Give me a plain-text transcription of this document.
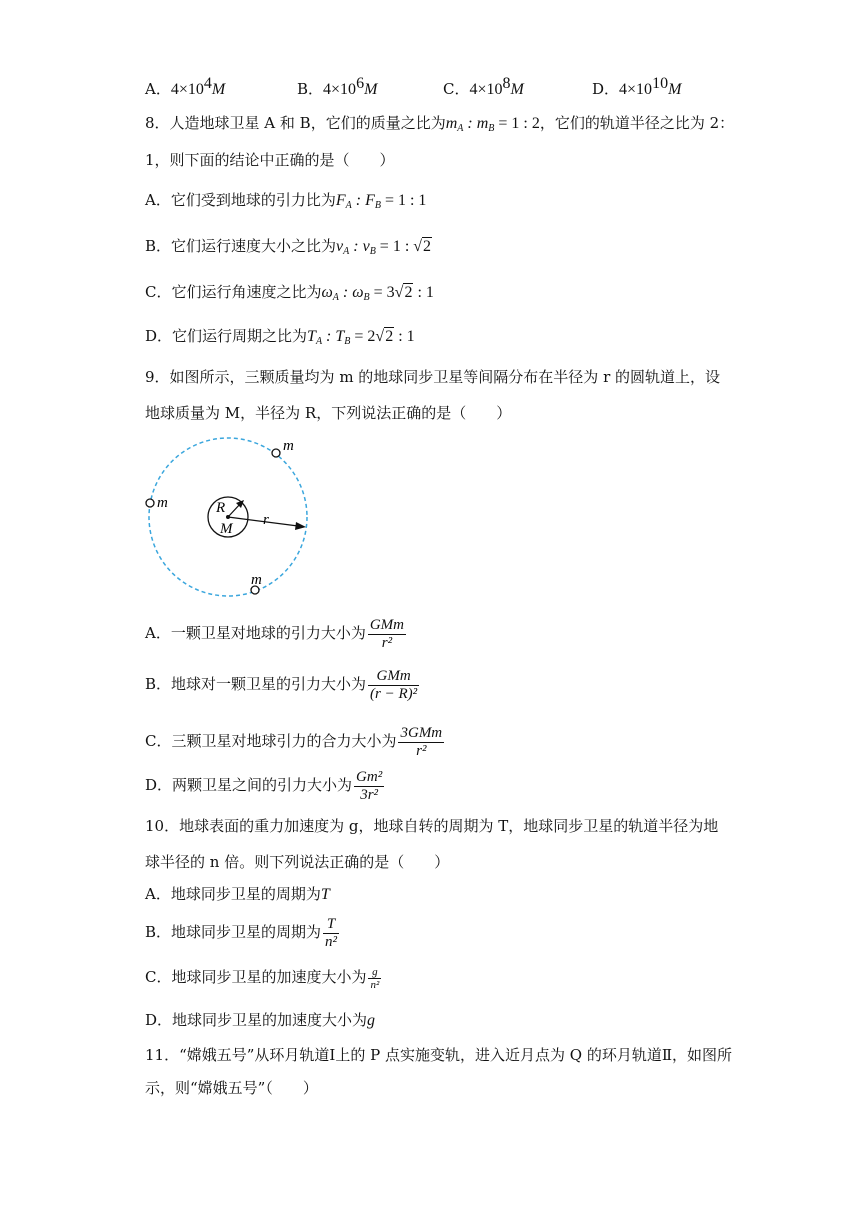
A．$4\times 10^4M$	B．$4\times 10^6M$	C．$4\times 10^8M$	D．$4\times 10^{10}M$
8．人造地球卫星 A 和 B，它们的质量之比为$m_A$ : $m_B = 1$ : 2，它们的轨道半径之比为 2：
1，则下面的结论中正确的是（　　）
A．它们受到地球的引力比为$F_A$ : $F_B = 1$ : 1
B．它们运行速度大小之比为$v_A$ : $v_B = 1$ : √2
C．它们运行角速度之比为$\omega_A$ : $\omega_B = 3√2$ : 1
D．它们运行周期之比为$T_A$ : $T_B = 2√2$ : 1
9．如图所示，三颗质量均为 m 的地球同步卫星等间隔分布在半径为 r 的圆轨道上，设
地球质量为 M，半径为 R，下列说法正确的是（　　）
m
m
m
R
M
r
A．一颗卫星对地球的引力大小为 $\frac{\text{GMm}}{\text{r²}}$
B．地球对一颗卫星的引力大小为 $\frac{\text{GMm}}{\text{(r − R)²}}$
C．三颗卫星对地球引力的合力大小为 $\frac{\text{3GMm}}{\text{r²}}$
D．两颗卫星之间的引力大小为 $\frac{\text{Gm²}}{\text{3r²}}$
10．地球表面的重力加速度为 g，地球自转的周期为 T，地球同步卫星的轨道半径为地
球半径的 n 倍。则下列说法正确的是（　　）
A．地球同步卫星的周期为T
B．地球同步卫星的周期为 $\frac{T}{\text{n²}}$
C．地球同步卫星的加速度大小为 $\frac{g}{\text{n²}}$
D．地球同步卫星的加速度大小为g
11．“嫦娥五号”从环月轨道Ⅰ上的 P 点实施变轨，进入近月点为 Q 的环月轨道Ⅱ，如图所
示，则“嫦娥五号”（　　）
